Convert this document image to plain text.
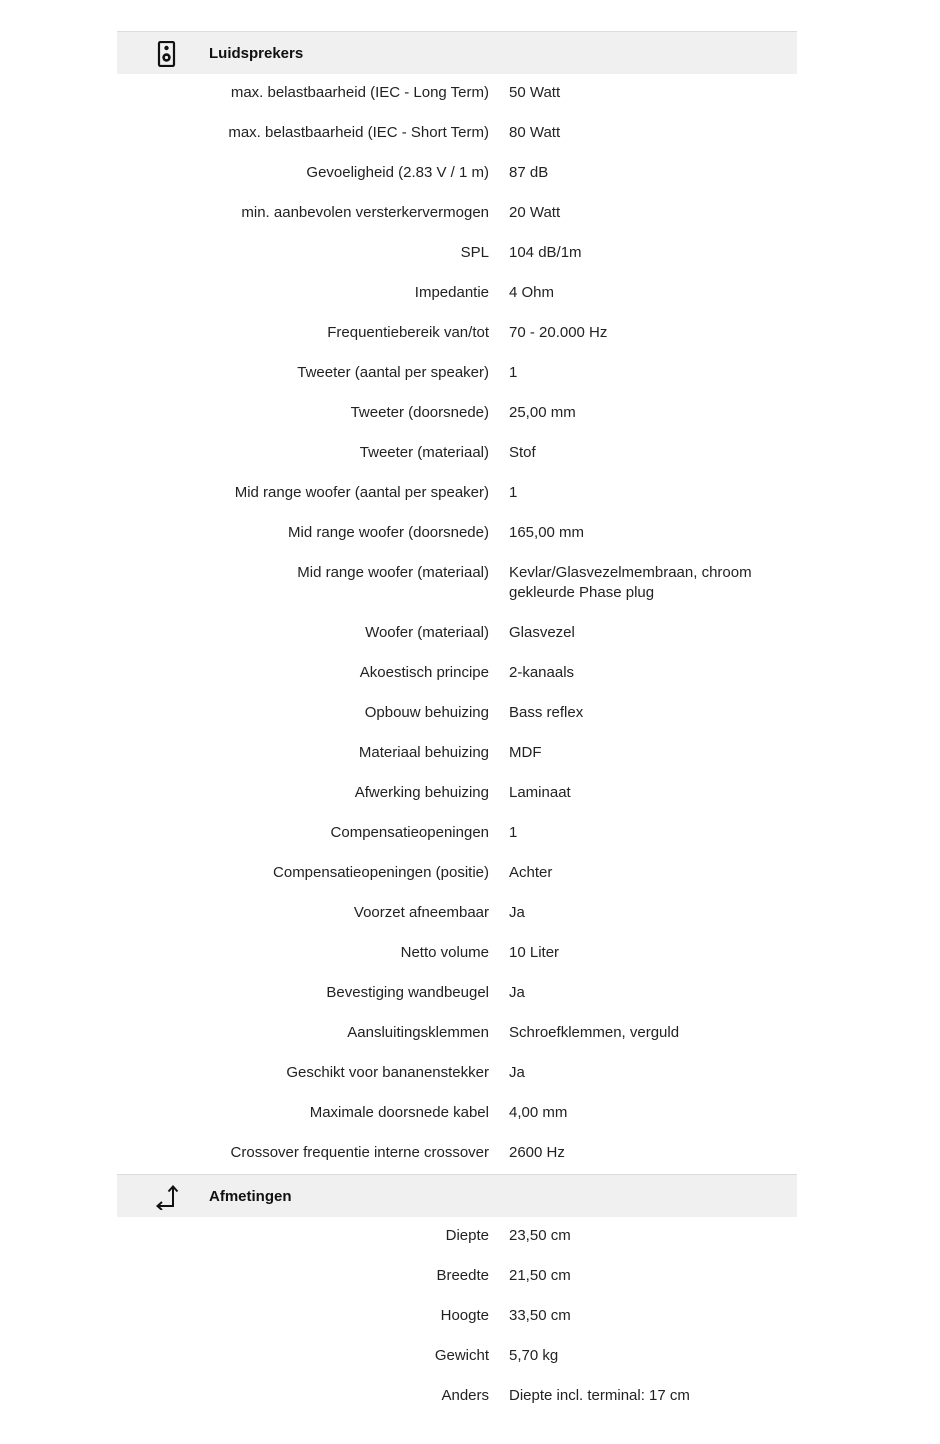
Luidsprekers
max. belastbaarheid (IEC - Long Term) 50 Watt
max. belastbaarheid (IEC - Short Term) 80 Watt
Gevoeligheid (2.83 V / 1 m) 87 dB
min. aanbevolen versterkervermogen 20 Watt
SPL 104 dB/1m
Impedantie 4 Ohm
Frequentiebereik van/tot 70 - 20.000 Hz
Tweeter (aantal per speaker) 1
Tweeter (doorsnede) 25,00 mm
Tweeter (materiaal) Stof
Mid range woofer (aantal per speaker) 1
Mid range woofer (doorsnede) 165,00 mm
Mid range woofer (materiaal) Kevlar/Glasvezelmembraan, chroom gekleurde Phase plug
Woofer (materiaal) Glasvezel
Akoestisch principe 2-kanaals
Opbouw behuizing Bass reflex
Materiaal behuizing MDF
Afwerking behuizing Laminaat
Compensatieopeningen 1
Compensatieopeningen (positie) Achter
Voorzet afneembaar Ja
Netto volume 10 Liter
Bevestiging wandbeugel Ja
Aansluitingsklemmen Schroefklemmen, verguld
Geschikt voor bananenstekker Ja
Maximale doorsnede kabel 4,00 mm
Crossover frequentie interne crossover 2600 Hz
Afmetingen
Diepte 23,50 cm
Breedte 21,50 cm
Hoogte 33,50 cm
Gewicht 5,70 kg
Anders Diepte incl. terminal: 17 cm
